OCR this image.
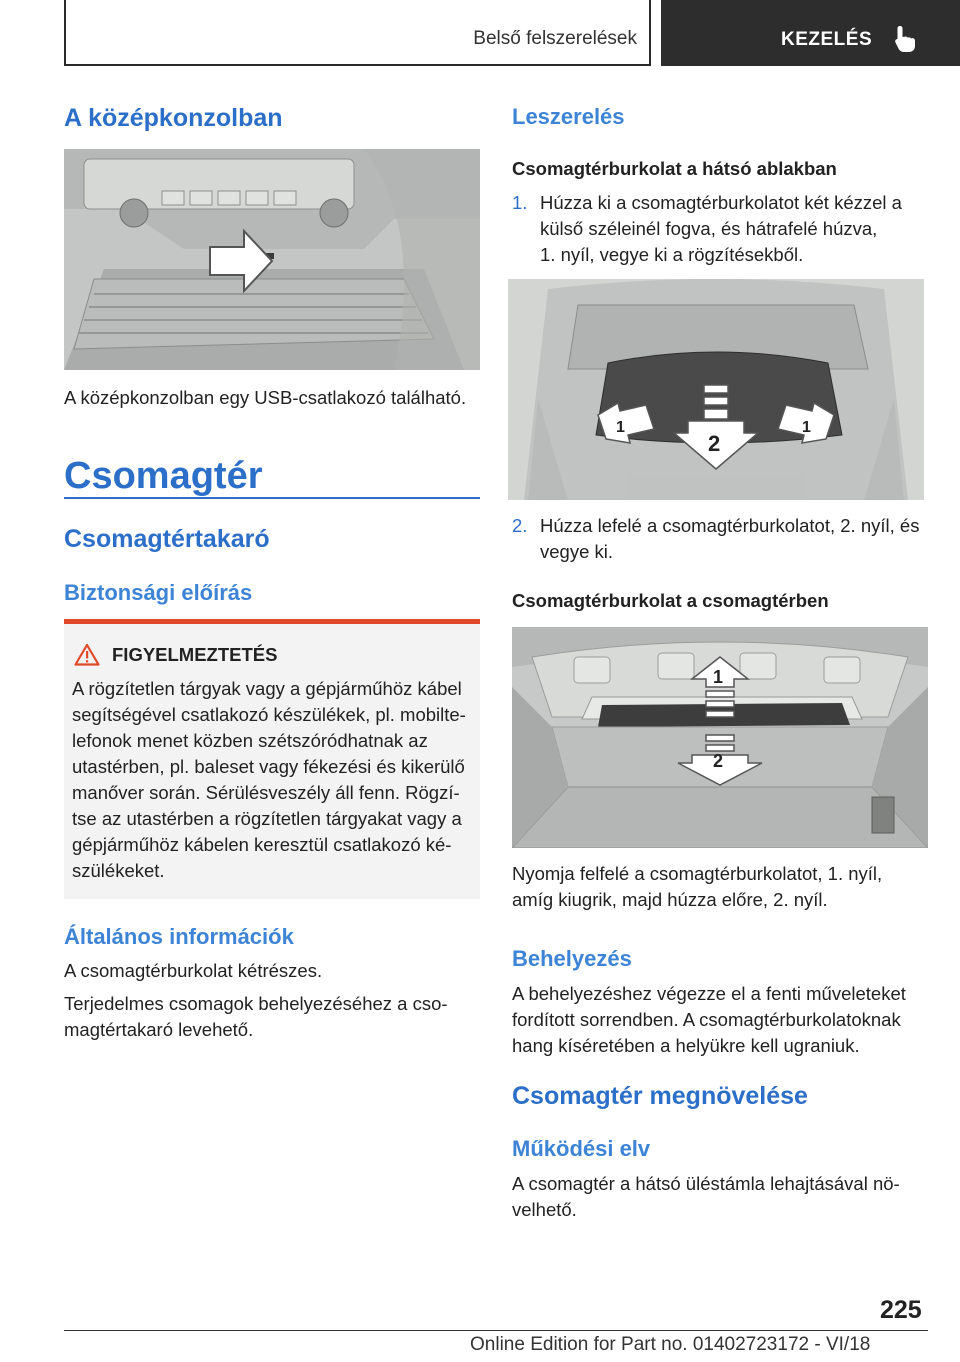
Belső felszerelések	KEZELÉS
A középkonzolban
A középkonzolban egy USB-csatlakozó található.
Csomagtér
Csomagtértakaró
Biztonsági előírás
FIGYELMEZTETÉS
A rögzítetlen tárgyak vagy a gépjárműhöz kábel
segítségével csatlakozó készülékek, pl. mobilte-
lefonok menet közben szétszóródhatnak az
utastérben, pl. baleset vagy fékezési és kikerülő
manőver során. Sérülésveszély áll fenn. Rögzí-
tse az utastérben a rögzítetlen tárgyakat vagy a
gépjárműhöz kábelen keresztül csatlakozó ké-
szülékeket.
Általános információk
A csomagtérburkolat kétrészes.
Terjedelmes csomagok behelyezéséhez a cso-
magtértakaró levehető.
Leszerelés
Csomagtérburkolat a hátsó ablakban
1. Húzza ki a csomagtérburkolatot két kézzel a
külső széleinél fogva, és hátrafelé húzva,
1. nyíl, vegye ki a rögzítésekből.
1
2
1
2. Húzza lefelé a csomagtérburkolatot, 2. nyíl, és
vegye ki.
Csomagtérburkolat a csomagtérben
1
2
Nyomja felfelé a csomagtérburkolatot, 1. nyíl,
amíg kiugrik, majd húzza előre, 2. nyíl.
Behelyezés
A behelyezéshez végezze el a fenti műveleteket
fordított sorrendben. A csomagtérburkolatoknak
hang kíséretében a helyükre kell ugraniuk.
Csomagtér megnövelése
Működési elv
A csomagtér a hátsó üléstámla lehajtásával nö-
velhető.
225
Online Edition for Part no. 01402723172 - VI/18
